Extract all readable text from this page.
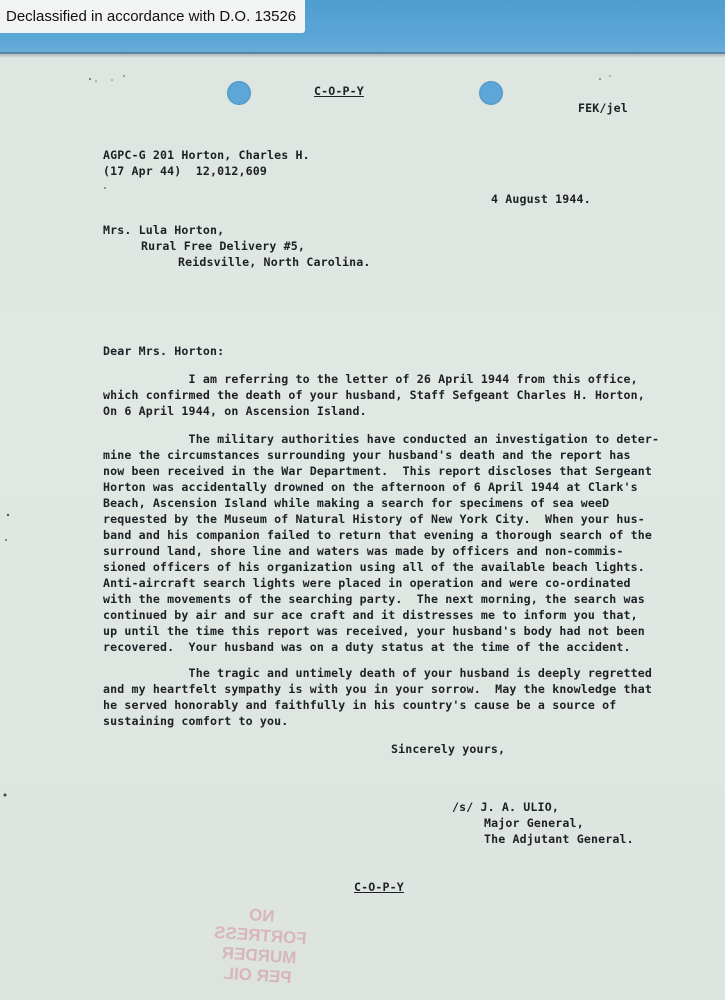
Declassified in accordance with D.O. 13526
C-O-P-Y
FEK/jel
AGPC-G 201 Horton, Charles H.
(17 Apr 44)  12,012,609
4 August 1944.
Mrs. Lula Horton,
Rural Free Delivery #5,
Reidsville, North Carolina.
Dear Mrs. Horton:
I am referring to the letter of 26 April 1944 from this office,
which confirmed the death of your husband, Staff Sefgeant Charles H. Horton,
On 6 April 1944, on Ascension Island.
The military authorities have conducted an investigation to deter-
mine the circumstances surrounding your husband's death and the report has
now been received in the War Department.  This report discloses that Sergeant
Horton was accidentally drowned on the afternoon of 6 April 1944 at Clark's
Beach, Ascension Island while making a search for specimens of sea weeD
requested by the Museum of Natural History of New York City.  When your hus-
band and his companion failed to return that evening a thorough search of the
surround land, shore line and waters was made by officers and non-commis-
sioned officers of his organization using all of the available beach lights.
Anti-aircraft search lights were placed in operation and were co-ordinated
with the movements of the searching party.  The next morning, the search was
continued by air and sur ace craft and it distresses me to inform you that,
up until the time this report was received, your husband's body had not been
recovered.  Your husband was on a duty status at the time of the accident.
The tragic and untimely death of your husband is deeply regretted
and my heartfelt sympathy is with you in your sorrow.  May the knowledge that
he served honorably and faithfully in his country's cause be a source of
sustaining comfort to you.
Sincerely yours,
/s/ J. A. ULIO,
Major General,
The Adjutant General.
C-O-P-Y
NO
FORTRESS MURDER
PER OIL
